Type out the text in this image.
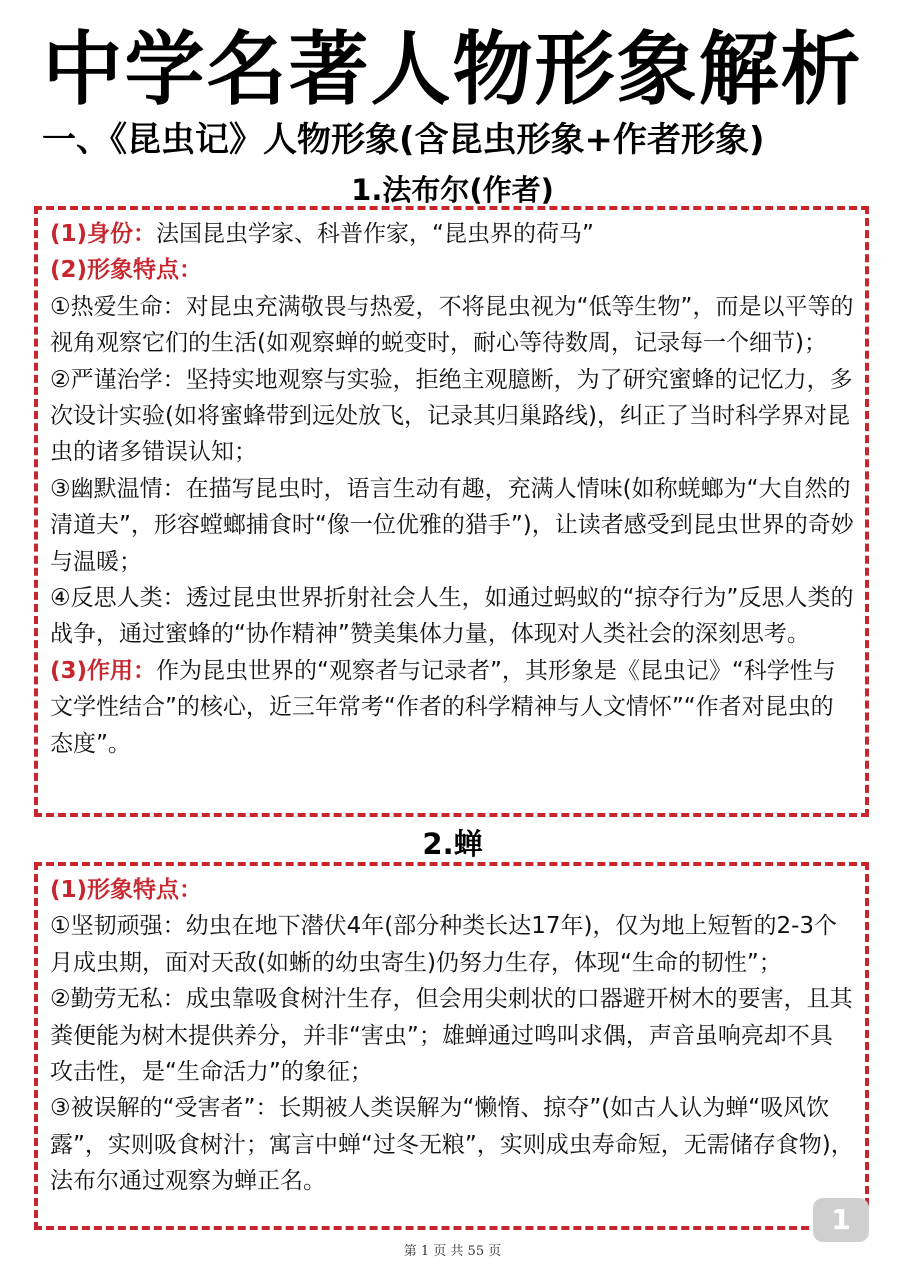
中学名著人物形象解析
一、《昆虫记》人物形象(含昆虫形象+作者形象)
1.法布尔(作者)

(1)身份：法国昆虫学家、科普作家，“昆虫界的荷马”

(2)形象特点：

①热爱生命：对昆虫充满敬畏与热爱，不将昆虫视为“低等生物”，而是以平等的视角观察它们的生活(如观察蝉的蜕变时，耐心等待数周，记录每一个细节)；

②严谨治学：坚持实地观察与实验，拒绝主观臆断，为了研究蜜蜂的记忆力，多次设计实验(如将蜜蜂带到远处放飞，记录其归巢路线)，纠正了当时科学界对昆虫的诸多错误认知；

③幽默温情：在描写昆虫时，语言生动有趣，充满人情味(如称蜣螂为“大自然的清道夫”，形容螳螂捕食时“像一位优雅的猎手”)，让读者感受到昆虫世界的奇妙与温暖；

④反思人类：透过昆虫世界折射社会人生，如通过蚂蚁的“掠夺行为”反思人类的战争，通过蜜蜂的“协作精神”赞美集体力量，体现对人类社会的深刻思考。

(3)作用：作为昆虫世界的“观察者与记录者”，其形象是《昆虫记》“科学性与文学性结合”的核心，近三年常考“作者的科学精神与人文情怀”“作者对昆虫的态度”。

2.蝉

(1)形象特点：

①坚韧顽强：幼虫在地下潜伏4年(部分种类长达17年)，仅为地上短暂的2-3个月成虫期，面对天敌(如蜥的幼虫寄生)仍努力生存，体现“生命的韧性”；

②勤劳无私：成虫靠吸食树汁生存，但会用尖刺状的口器避开树木的要害，且其粪便能为树木提供养分，并非“害虫”；雄蝉通过鸣叫求偶，声音虽响亮却不具攻击性，是“生命活力”的象征；

③被误解的“受害者”：长期被人类误解为“懒惰、掠夺”(如古人认为蝉“吸风饮露”，实则吸食树汁；寓言中蝉“过冬无粮”，实则成虫寿命短，无需储存食物)，法布尔通过观察为蝉正名。

1
第 1 页 共 55 页
